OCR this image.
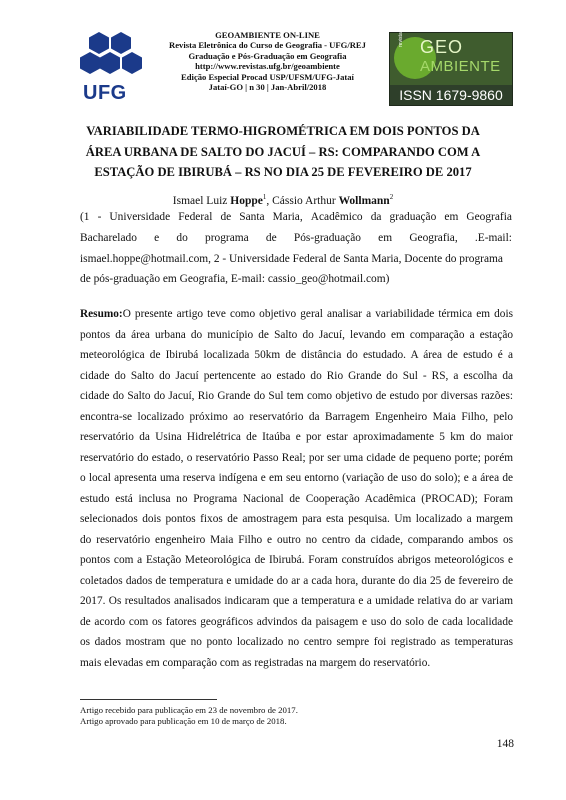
UFG
GEOAMBIENTE ON-LINE
Revista Eletrônica do Curso de Geografia - UFG/REJ
Graduação e Pós-Graduação em Geografia
http://www.revistas.ufg.br/geoambiente
Edição Especial Procad USP/UFSM/UFG-Jataí
Jataí-GO | n 30 | Jan-Abril/2018
revista GEO
AMBIENTE
ISSN 1679-9860
VARIABILIDADE TERMO-HIGROMÉTRICA EM DOIS PONTOS DA
ÁREA URBANA DE SALTO DO JACUÍ – RS: COMPARANDO COM A
ESTAÇÃO DE IBIRUBÁ – RS NO DIA 25 DE FEVEREIRO DE 2017
Ismael Luiz Hoppe$^1$, Cássio Arthur Wollmann$^2$
(1 - Universidade Federal de Santa Maria, Acadêmico da graduação em Geografia
Bacharelado e do programa de Pós-graduação em Geografia, .E-mail:
ismael.hoppe@hotmail.com, 2 - Universidade Federal de Santa Maria, Docente do programa
de pós-graduação em Geografia, E-mail: cassio_geo@hotmail.com)
Resumo:O presente artigo teve como objetivo geral analisar a variabilidade térmica em dois
pontos da área urbana do município de Salto do Jacuí, levando em comparação a estação
meteorológica de Ibirubá localizada 50km de distância do estudado. A área de estudo é a
cidade do Salto do Jacuí pertencente ao estado do Rio Grande do Sul - RS, a escolha da
cidade do Salto do Jacuí, Rio Grande do Sul tem como objetivo de estudo por diversas razões:
encontra-se localizado próximo ao reservatório da Barragem Engenheiro Maia Filho, pelo
reservatório da Usina Hidrelétrica de Itaúba e por estar aproximadamente 5 km do maior
reservatório do estado, o reservatório Passo Real; por ser uma cidade de pequeno porte; porém
o local apresenta uma reserva indígena e em seu entorno (variação de uso do solo); e a área de
estudo está inclusa no Programa Nacional de Cooperação Acadêmica (PROCAD); Foram
selecionados dois pontos fixos de amostragem para esta pesquisa. Um localizado a margem
do reservatório engenheiro Maia Filho e outro no centro da cidade, comparando ambos os
pontos com a Estação Meteorológica de Ibirubá. Foram construídos abrigos meteorológicos e
coletados dados de temperatura e umidade do ar a cada hora, durante do dia 25 de fevereiro de
2017. Os resultados analisados indicaram que a temperatura e a umidade relativa do ar variam
de acordo com os fatores geográficos advindos da paisagem e uso do solo de cada localidade
os dados mostram que no ponto localizado no centro sempre foi registrado as temperaturas
mais elevadas em comparação com as registradas na margem do reservatório.
Artigo recebido para publicação em 23 de novembro de 2017.
Artigo aprovado para publicação em 10 de março de 2018.
148
